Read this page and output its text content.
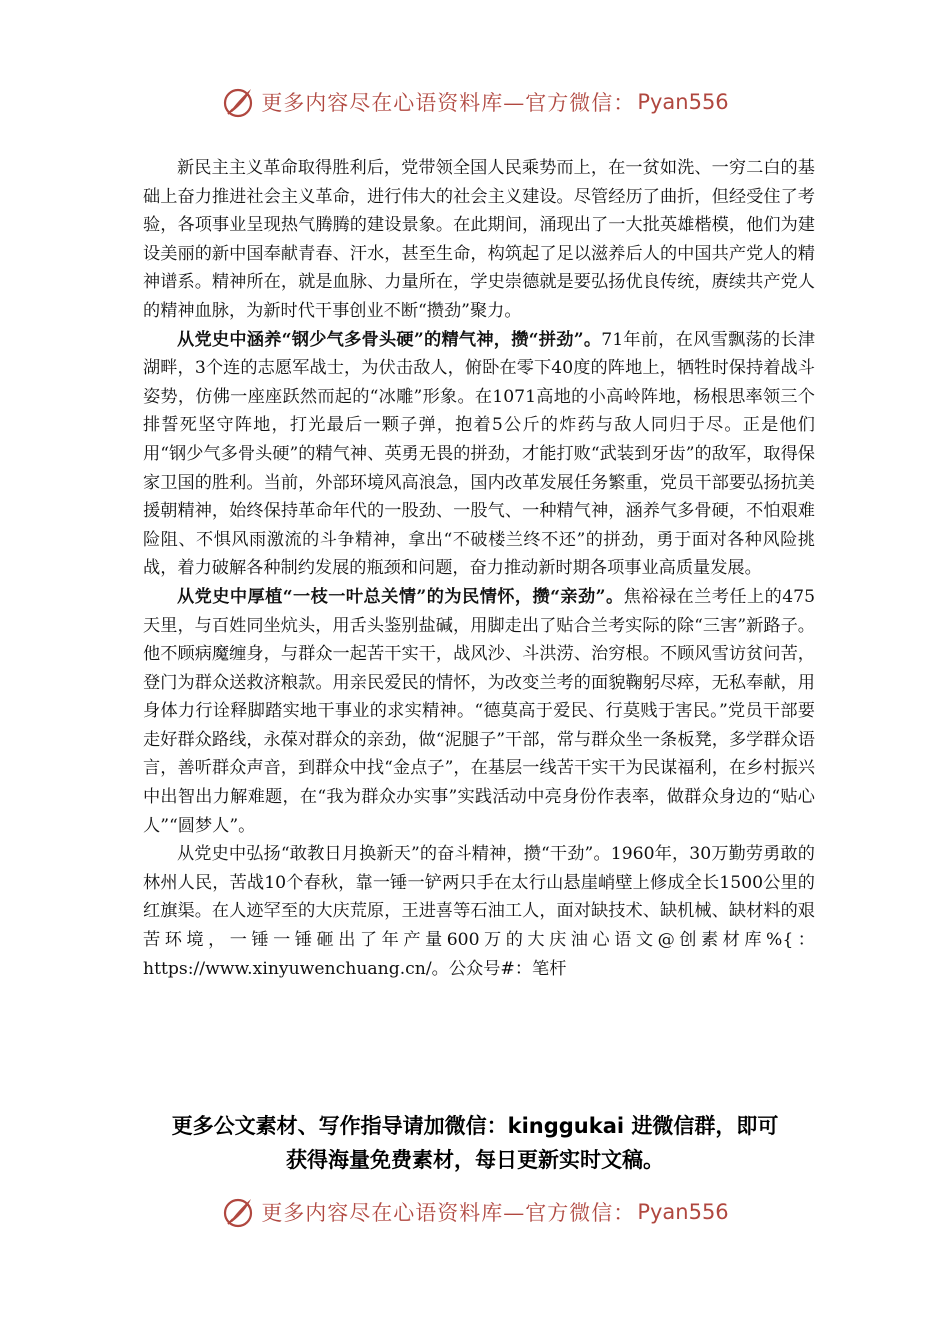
更多内容尽在心语资料库—官方微信： Pyan556

新民主主义革命取得胜利后，党带领全国人民乘势而上，在一贫如洗、一穷二白的基础上奋力推进社会主义革命，进行伟大的社会主义建设。尽管经历了曲折，但经受住了考验，各项事业呈现热气腾腾的建设景象。在此期间，涌现出了一大批英雄楷模，他们为建设美丽的新中国奉献青春、汗水，甚至生命，构筑起了足以滋养后人的中国共产党人的精神谱系。精神所在，就是血脉、力量所在，学史崇德就是要弘扬优良传统，赓续共产党人的精神血脉，为新时代干事创业不断“攒劲”聚力。

从党史中涵养“钢少气多骨头硬”的精气神，攒“拼劲”。71年前，在风雪飘荡的长津湖畔，3个连的志愿军战士，为伏击敌人，俯卧在零下40度的阵地上，牺牲时保持着战斗姿势，仿佛一座座跃然而起的“冰雕”形象。在1071高地的小高岭阵地，杨根思率领三个排誓死坚守阵地，打光最后一颗子弹，抱着5公斤的炸药与敌人同归于尽。正是他们用“钢少气多骨头硬”的精气神、英勇无畏的拼劲，才能打败“武装到牙齿”的敌军，取得保家卫国的胜利。当前，外部环境风高浪急，国内改革发展任务繁重，党员干部要弘扬抗美援朝精神，始终保持革命年代的一股劲、一股气、一种精气神，涵养气多骨硬，不怕艰难险阻、不惧风雨激流的斗争精神，拿出“不破楼兰终不还”的拼劲，勇于面对各种风险挑战，着力破解各种制约发展的瓶颈和问题，奋力推动新时期各项事业高质量发展。

从党史中厚植“一枝一叶总关情”的为民情怀，攒“亲劲”。焦裕禄在兰考任上的475天里，与百姓同坐炕头，用舌头鉴别盐碱，用脚走出了贴合兰考实际的除“三害”新路子。他不顾病魔缠身，与群众一起苦干实干，战风沙、斗洪涝、治穷根。不顾风雪访贫问苦，登门为群众送救济粮款。用亲民爱民的情怀，为改变兰考的面貌鞠躬尽瘁，无私奉献，用身体力行诠释脚踏实地干事业的求实精神。“德莫高于爱民、行莫贱于害民。”党员干部要走好群众路线，永葆对群众的亲劲，做“泥腿子”干部，常与群众坐一条板凳，多学群众语言，善听群众声音，到群众中找“金点子”，在基层一线苦干实干为民谋福利，在乡村振兴中出智出力解难题，在“我为群众办实事”实践活动中亮身份作表率，做群众身边的“贴心人”“圆梦人”。

从党史中弘扬“敢教日月换新天”的奋斗精神，攒“干劲”。1960年，30万勤劳勇敢的林州人民，苦战10个春秋，靠一锤一铲两只手在太行山悬崖峭壁上修成全长1500公里的红旗渠。在人迹罕至的大庆荒原，王进喜等石油工人，面对缺技术、缺机械、缺材料的艰苦环境，一锤一锤砸出了年产量600万的大庆油心语文@创素材库%{：https://www.xinyuwenchuang.cn/。公众号#：笔杆

更多公文素材、写作指导请加微信：kinggukai 进微信群，即可
获得海量免费素材，每日更新实时文稿。
更多内容尽在心语资料库—官方微信： Pyan556
